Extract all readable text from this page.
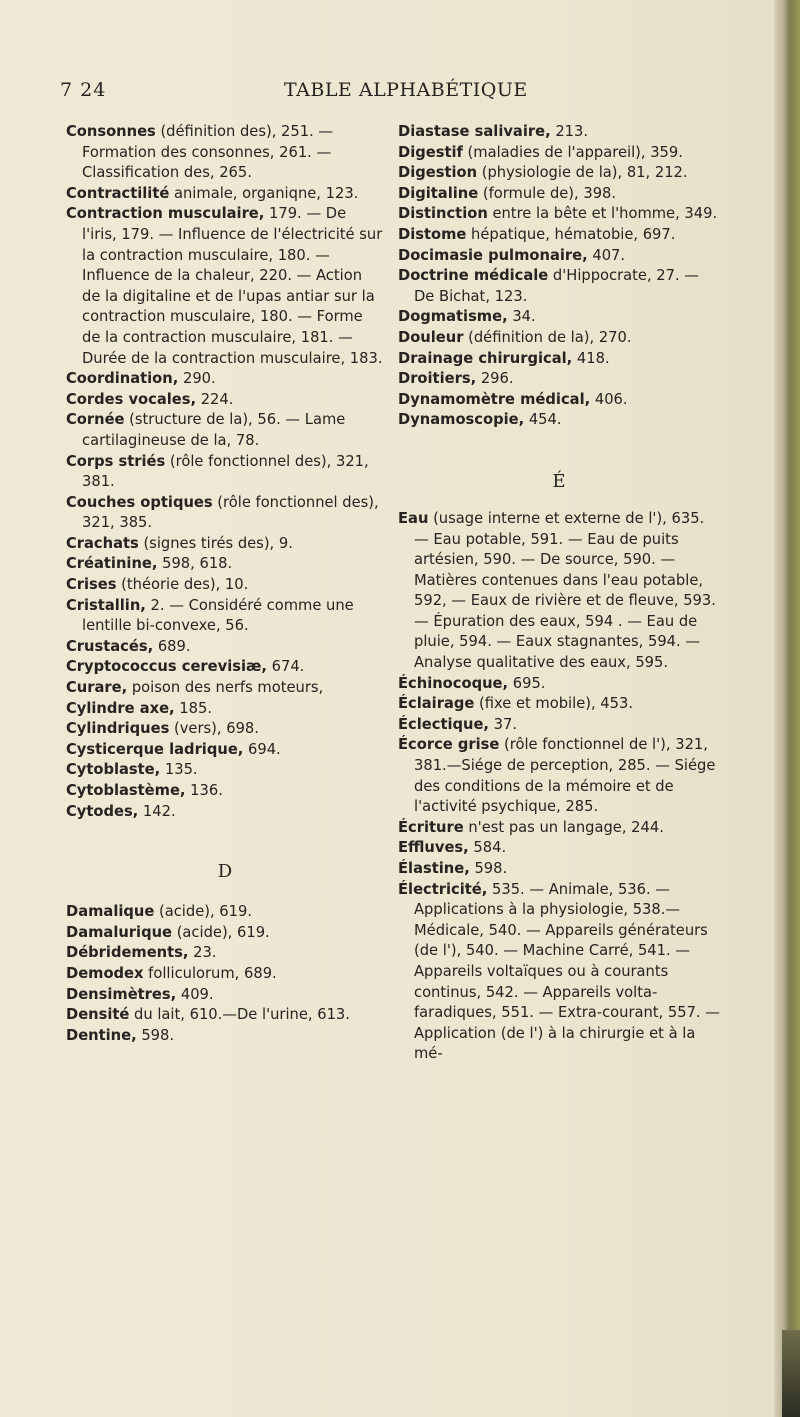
7 24	TABLE ALPHABÉTIQUE

Consonnes (définition des), 251. — Formation des consonnes, 261. — Classification des, 265.

Contractilité animale, organiqne, 123.

Contraction musculaire, 179. — De l'iris, 179. — Influence de l'électricité sur la contraction musculaire, 180. — Influence de la chaleur, 220. — Action de la digitaline et de l'upas antiar sur la contraction musculaire, 180. — Forme de la contraction musculaire, 181. — Durée de la contraction musculaire, 183.

Coordination, 290.

Cordes vocales, 224.

Cornée (structure de la), 56. — Lame cartilagineuse de la, 78.

Corps striés (rôle fonctionnel des), 321, 381.

Couches optiques (rôle fonctionnel des), 321, 385.

Crachats (signes tirés des), 9.

Créatinine, 598, 618.

Crises (théorie des), 10.

Cristallin, 2. — Considéré comme une lentille bi-convexe, 56.

Crustacés, 689.

Cryptococcus cerevisiæ, 674.

Curare, poison des nerfs moteurs,

Cylindre axe, 185.

Cylindriques (vers), 698.

Cysticerque ladrique, 694.

Cytoblaste, 135.

Cytoblastème, 136.

Cytodes, 142.

D

Damalique (acide), 619.

Damalurique (acide), 619.

Débridements, 23.

Demodex folliculorum, 689.

Densimètres, 409.

Densité du lait, 610.—De l'urine, 613.

Dentine, 598.

Diastase salivaire, 213.

Digestif (maladies de l'appareil), 359.

Digestion (physiologie de la), 81, 212.

Digitaline (formule de), 398.

Distinction entre la bête et l'homme, 349.

Distome hépatique, hématobie, 697.

Docimasie pulmonaire, 407.

Doctrine médicale d'Hippocrate, 27. — De Bichat, 123.

Dogmatisme, 34.

Douleur (définition de la), 270.

Drainage chirurgical, 418.

Droitiers, 296.

Dynamomètre médical, 406.

Dynamoscopie, 454.

É

Eau (usage interne et externe de l'), 635. — Eau potable, 591. — Eau de puits artésien, 590. — De source, 590. — Matières contenues dans l'eau potable, 592, — Eaux de rivière et de fleuve, 593. — Épuration des eaux, 594 . — Eau de pluie, 594. — Eaux stagnantes, 594. — Analyse qualitative des eaux, 595.

Échinocoque, 695.

Éclairage (fixe et mobile), 453.

Éclectique, 37.

Écorce grise (rôle fonctionnel de l'), 321, 381.—Siége de perception, 285. — Siége des conditions de la mémoire et de l'activité psychique, 285.

Écriture n'est pas un langage, 244.

Effluves, 584.

Élastine, 598.

Électricité, 535. — Animale, 536. — Applications à la physiologie, 538.— Médicale, 540. — Appareils générateurs (de l'), 540. — Machine Carré, 541. — Appareils voltaïques ou à courants continus, 542. — Appareils volta-faradiques, 551. — Extra-courant, 557. — Application (de l') à la chirurgie et à la mé-
